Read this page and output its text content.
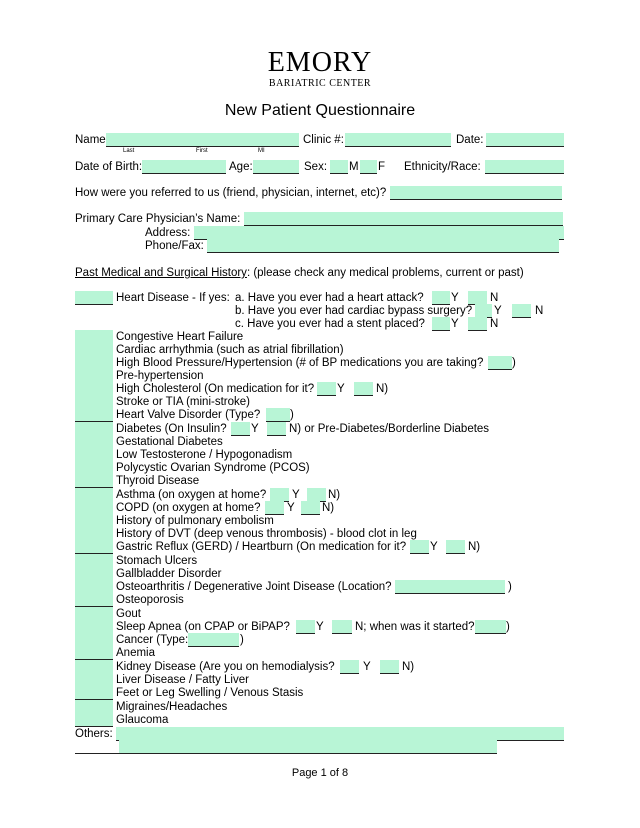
EMORY
BARIATRIC CENTER
New Patient Questionnaire
Name
Last	First	MI
Clinic #:	Date:
Date of Birth:	Age:	Sex: M F Ethnicity/Race:
How were you referred to us (friend, physician, internet, etc)?
Primary Care Physician’s Name:
Address:
Phone/Fax:
Past Medical and Surgical History: (please check any medical problems, current or past)
Heart Disease - If yes: a. Have you ever had a heart attack? Y	N
b. Have you ever had cardiac bypass surgery? Y	N
c. Have you ever had a stent placed? Y	N
Congestive Heart Failure
Cardiac arrhythmia (such as atrial fibrillation)
High Blood Pressure/Hypertension (# of BP medications you are taking? )
Pre-hypertension
High Cholesterol (On medication for it? Y	N)
Stroke or TIA (mini-stroke)
Heart Valve Disorder (Type?	)
Diabetes (On Insulin? Y	N) or Pre-Diabetes/Borderline Diabetes
Gestational Diabetes
Low Testosterone / Hypogonadism
Polycystic Ovarian Syndrome (PCOS)
Thyroid Disease
Asthma (on oxygen at home? Y N)
COPD (on oxygen at home? Y N)
History of pulmonary embolism
History of DVT (deep venous thrombosis) - blood clot in leg
Gastric Reflux (GERD) / Heartburn (On medication for it? Y	N)
Stomach Ulcers
Gallbladder Disorder
Osteoarthritis / Degenerative Joint Disease (Location?	)
Osteoporosis
Gout
Sleep Apnea (on CPAP or BiPAP? Y	N; when was it started?	)
Cancer (Type:	)
Anemia
Kidney Disease (Are you on hemodialysis? Y	N)
Liver Disease / Fatty Liver
Feet or Leg Swelling / Venous Stasis
Migraines/Headaches
Glaucoma
Others:
Page 1 of 8
